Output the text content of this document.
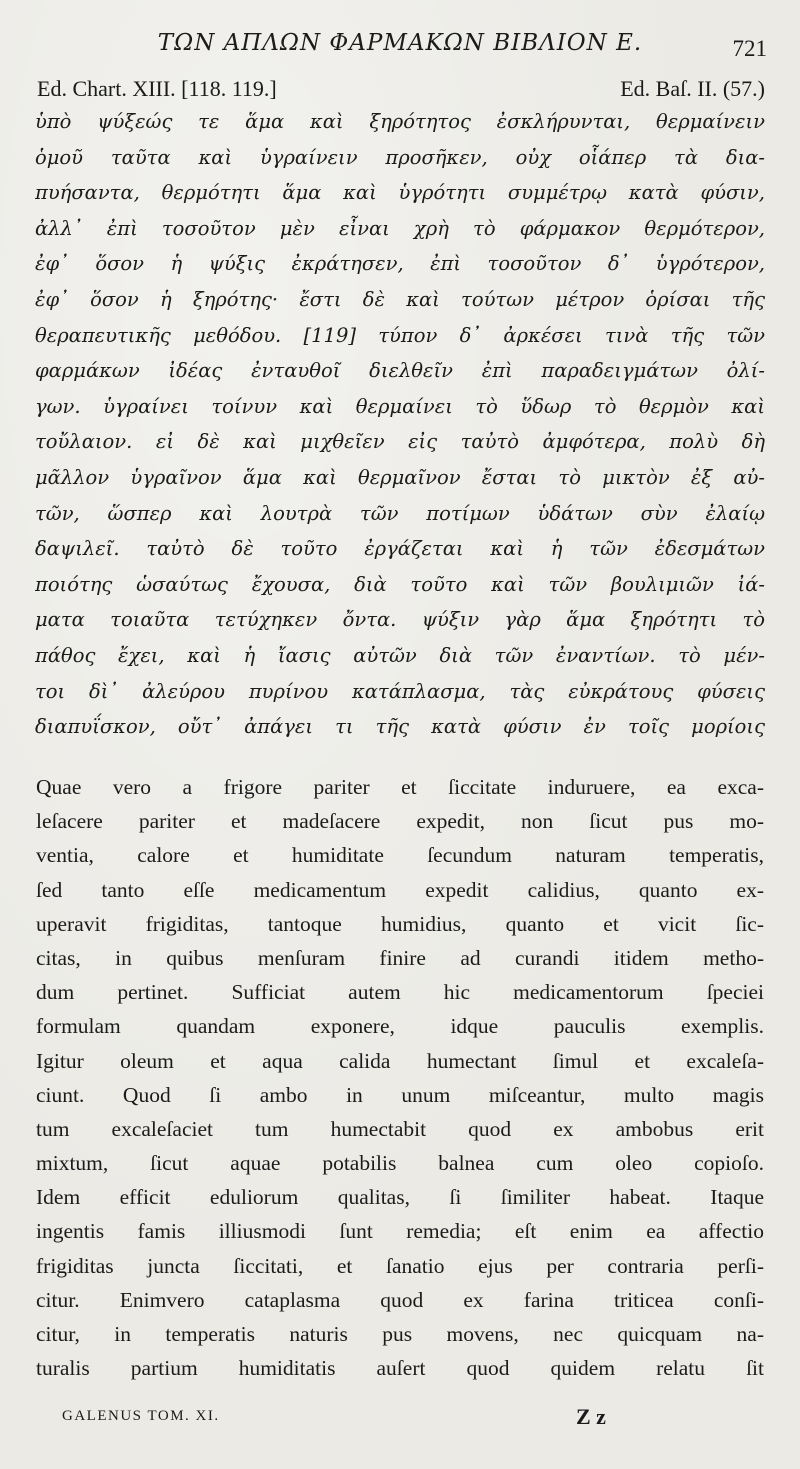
ΤΩΝ ΑΠΛΩΝ ΦΑΡΜΑΚΩΝ ΒΙΒΛΙΟΝ Ε.	721
Ed. Chart. XIII. [118. 119.]	Ed. Baſ. II. (57.)
ὑπὸ ψύξεώς τε ἅμα καὶ ξηρότητος ἐσκλήρυνται, θερμαίνειν
ὁμοῦ ταῦτα καὶ ὑγραίνειν προσῆκεν, οὐχ οἷάπερ τὰ δια-
πυήσαντα, θερμότητι ἅμα καὶ ὑγρότητι συμμέτρῳ κατὰ φύσιν,
ἀλλ᾽ ἐπὶ τοσοῦτον μὲν εἶναι χρὴ τὸ φάρμακον θερμότερον,
ἐφ᾽ ὅσον ἡ ψύξις ἐκράτησεν, ἐπὶ τοσοῦτον δ᾽ ὑγρότερον,
ἐφ᾽ ὅσον ἡ ξηρότης· ἔστι δὲ καὶ τούτων μέτρον ὁρίσαι τῆς
θεραπευτικῆς μεθόδου. [119] τύπον δ᾽ ἀρκέσει τινὰ τῆς τῶν
φαρμάκων ἰδέας ἐνταυθοῖ διελθεῖν ἐπὶ παραδειγμάτων ὀλί-
γων. ὑγραίνει τοίνυν καὶ θερμαίνει τὸ ὕδωρ τὸ θερμὸν καὶ
τοὔλαιον. εἰ δὲ καὶ μιχθεῖεν εἰς ταὐτὸ ἀμφότερα, πολὺ δὴ
μᾶλλον ὑγραῖνον ἅμα καὶ θερμαῖνον ἔσται τὸ μικτὸν ἐξ αὐ-
τῶν, ὥσπερ καὶ λουτρὰ τῶν ποτίμων ὑδάτων σὺν ἐλαίῳ
δαψιλεῖ. ταὐτὸ δὲ τοῦτο ἐργάζεται καὶ ἡ τῶν ἐδεσμάτων
ποιότης ὡσαύτως ἔχουσα, διὰ τοῦτο καὶ τῶν βουλιμιῶν ἰά-
ματα τοιαῦτα τετύχηκεν ὄντα. ψύξιν γὰρ ἅμα ξηρότητι τὸ
πάθος ἔχει, καὶ ἡ ἴασις αὐτῶν διὰ τῶν ἐναντίων. τὸ μέν-
τοι δὶ᾽ ἀλεύρου πυρίνου κατάπλασμα, τὰς εὐκράτους φύσεις
διαπυΐσκον, οὔτ᾽ ἀπάγει τι τῆς κατὰ φύσιν ἐν τοῖς μορίοις
Quae vero a frigore pariter et ſiccitate induruere, ea exca-
leſacere pariter et madeſacere expedit, non ſicut pus mo-
ventia, calore et humiditate ſecundum naturam temperatis,
ſed tanto eſſe medicamentum expedit calidius, quanto ex-
uperavit frigiditas, tantoque humidius, quanto et vicit ſic-
citas, in quibus menſuram finire ad curandi itidem metho-
dum pertinet. Sufficiat autem hic medicamentorum ſpeciei
formulam quandam exponere, idque pauculis exemplis.
Igitur oleum et aqua calida humectant ſimul et excaleſa-
ciunt. Quod ſi ambo in unum miſceantur, multo magis
tum excaleſaciet tum humectabit quod ex ambobus erit
mixtum, ſicut aquae potabilis balnea cum oleo copioſo.
Idem efficit eduliorum qualitas, ſi ſimiliter habeat. Itaque
ingentis famis illiusmodi ſunt remedia; eſt enim ea affectio
frigiditas juncta ſiccitati, et ſanatio ejus per contraria perſi-
citur. Enimvero cataplasma quod ex farina triticea conſi-
citur, in temperatis naturis pus movens, nec quicquam na-
turalis partium humiditatis auſert quod quidem relatu ſit
GALENUS TOM. XI.	Z z
